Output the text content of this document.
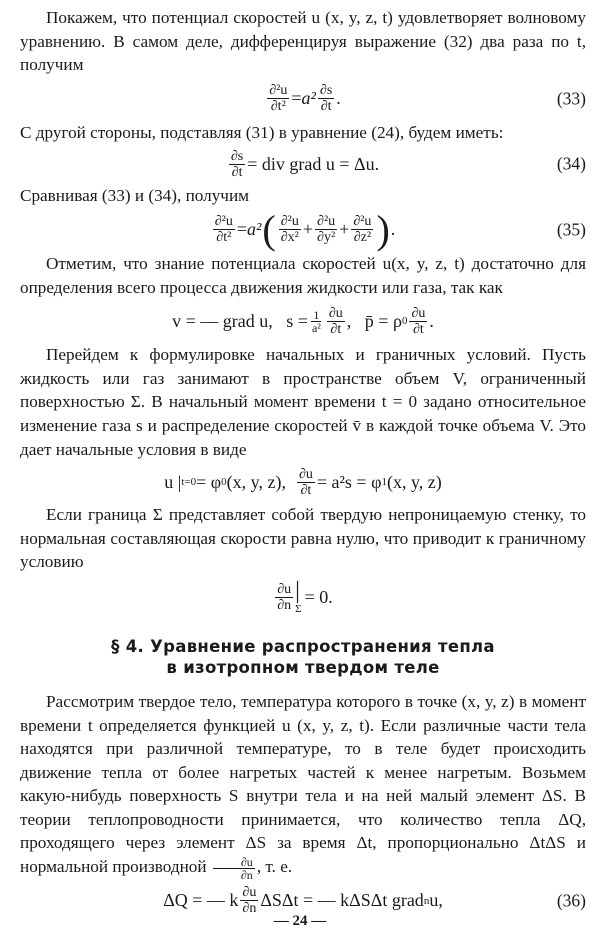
Покажем, что потенциал скоростей u (x, y, z, t) удовлетворяет волновому уравнению. В самом деле, дифференцируя выражение (32) два раза по t, получим

$\frac{\text{∂²u}}{\text{∂t²}} = a^2 \frac{\partial s}{\partial t}$ .	(33)

С другой стороны, подставляя (31) в уравнение (24), будем иметь:

$\frac{\partial s}{\partial t}$ = div grad u = Δu.	(34)

Сравнивая (33) и (34), получим

$\frac{\text{∂²u}}{\text{∂t²}} = a^2$ ( $\frac{\text{∂²u}}{\text{∂x²}} + \frac{\text{∂²u}}{\text{∂y²}} + \frac{\text{∂²u}}{\text{∂z²}}$ ) .	(35)

Отметим, что знание потенциала скоростей u(x, y, z, t) достаточно для определения всего процесса движения жидкости или газа, так как

v = — grad u,
$s = \frac{1}{\text{a²}} \frac{\partial u}{\partial t}$ ,
p̄ = ρ $0 \frac{\partial u}{\partial t}$ .

Перейдем к формулировке начальных и граничных условий. Пусть жидкость или газ занимают в пространстве объем V, ограниченный поверхностью Σ. В начальный момент времени t = 0 задано относительное изменение газа s и распределение скоростей v̄ в каждой точке объема V. Это дает начальные условия в виде

u | t=0 = φ 0 (x, y, z),
$\frac{\partial u}{\partial t} = a^2s = \varphi$ 1 (x, y, z)

Если граница Σ представляет собой твердую непроницаемую стенку, то нормальная составляющая скорости равна нулю, что приводит к граничному условию

$\frac{\partial u}{\partial n}$ |
Σ
= 0.

§ 4. Уравнение распространения тепла

в изотропном твердом теле

Рассмотрим твердое тело, температура которого в точке (x, y, z) в момент времени t определяется функцией u (x, y, z, t). Если различные части тела находятся при различной температуре, то в теле будет происходить движение тепла от более нагретых частей к менее нагретым. Возьмем какую-нибудь поверхность S внутри тела и на ней малый элемент ΔS. В теории теплопроводности принимается, что количество тепла ΔQ, проходящего через элемент ΔS за время Δt, пропорционально ΔtΔS и нормальной производной $\frac{\partial u}{\partial n}$ , т. е.

ΔQ = — k $\frac{\partial u}{\partial n}$ ΔSΔt = — kΔSΔt grad n u,	(36)
— 24 —
